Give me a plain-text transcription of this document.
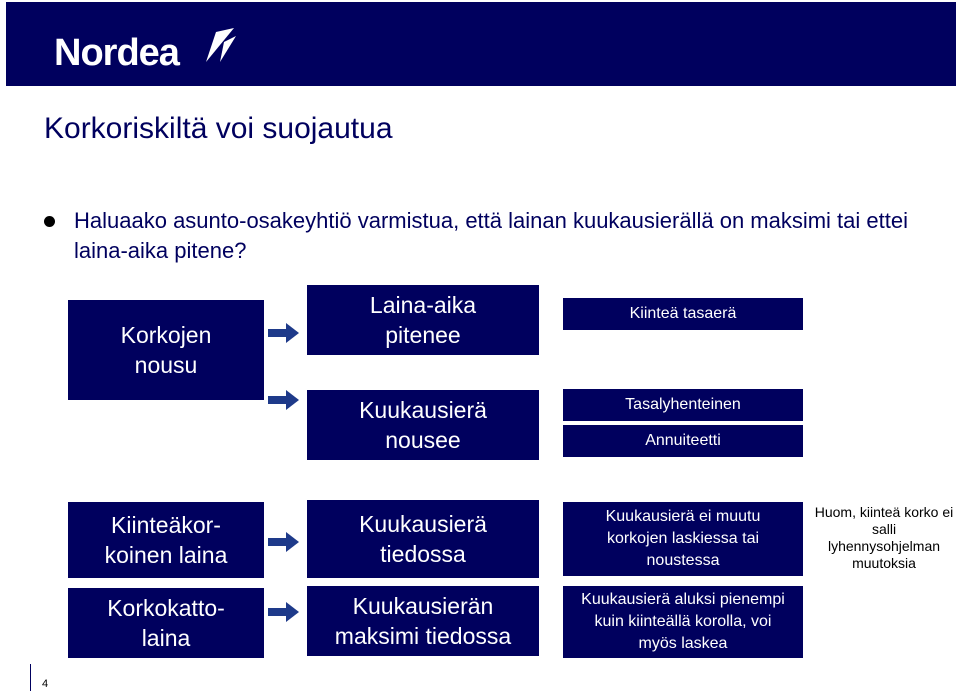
Nordea
Korkoriskiltä voi suojautua
Haluaako asunto-osakeyhtiö varmistua, että lainan kuukausierällä on maksimi tai ettei laina-aika pitene?
Korkojen nousu
Laina-aika pitenee
Kuukausierä nousee
Kiinteä tasaerä
Tasalyhenteinen
Annuiteetti
Kiinteäkor-koinen laina
Kuukausierä tiedossa
Kuukausierä ei muutu korkojen laskiessa tai noustessa
Huom, kiinteä korko ei salli lyhennysohjelman muutoksia
Korkokatto-laina
Kuukausierän maksimi tiedossa
Kuukausierä aluksi pienempi kuin kiinteällä korolla, voi myös laskea
4
